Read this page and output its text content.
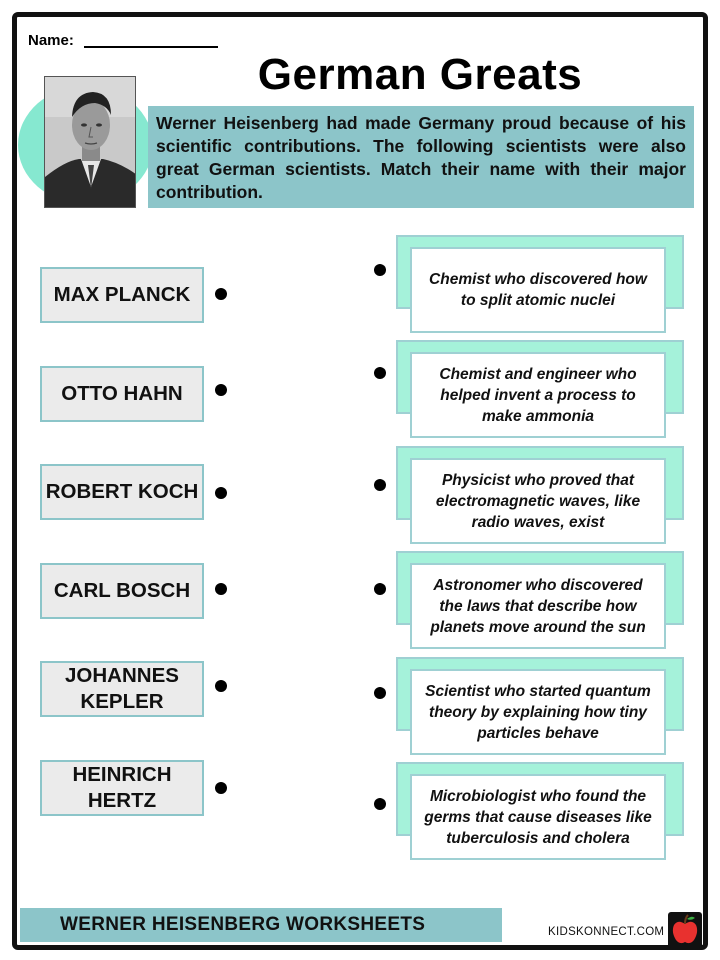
Name:
German Greats
Werner Heisenberg had made Germany proud because of his scientific contributions. The following scientists were also great German scientists. Match their name with their major contribution.
MAX PLANCK
OTTO HAHN
ROBERT KOCH
CARL BOSCH
JOHANNES KEPLER
HEINRICH HERTZ
Chemist who discovered how to split atomic nuclei
Chemist and engineer who helped invent a process to make ammonia
Physicist who proved that electromagnetic waves, like radio waves, exist
Astronomer who discovered the laws that describe how planets move around the sun
Scientist who started quantum theory by explaining how tiny particles behave
Microbiologist who found the germs that cause diseases like tuberculosis and cholera
WERNER HEISENBERG WORKSHEETS	KIDSKONNECT.COM
